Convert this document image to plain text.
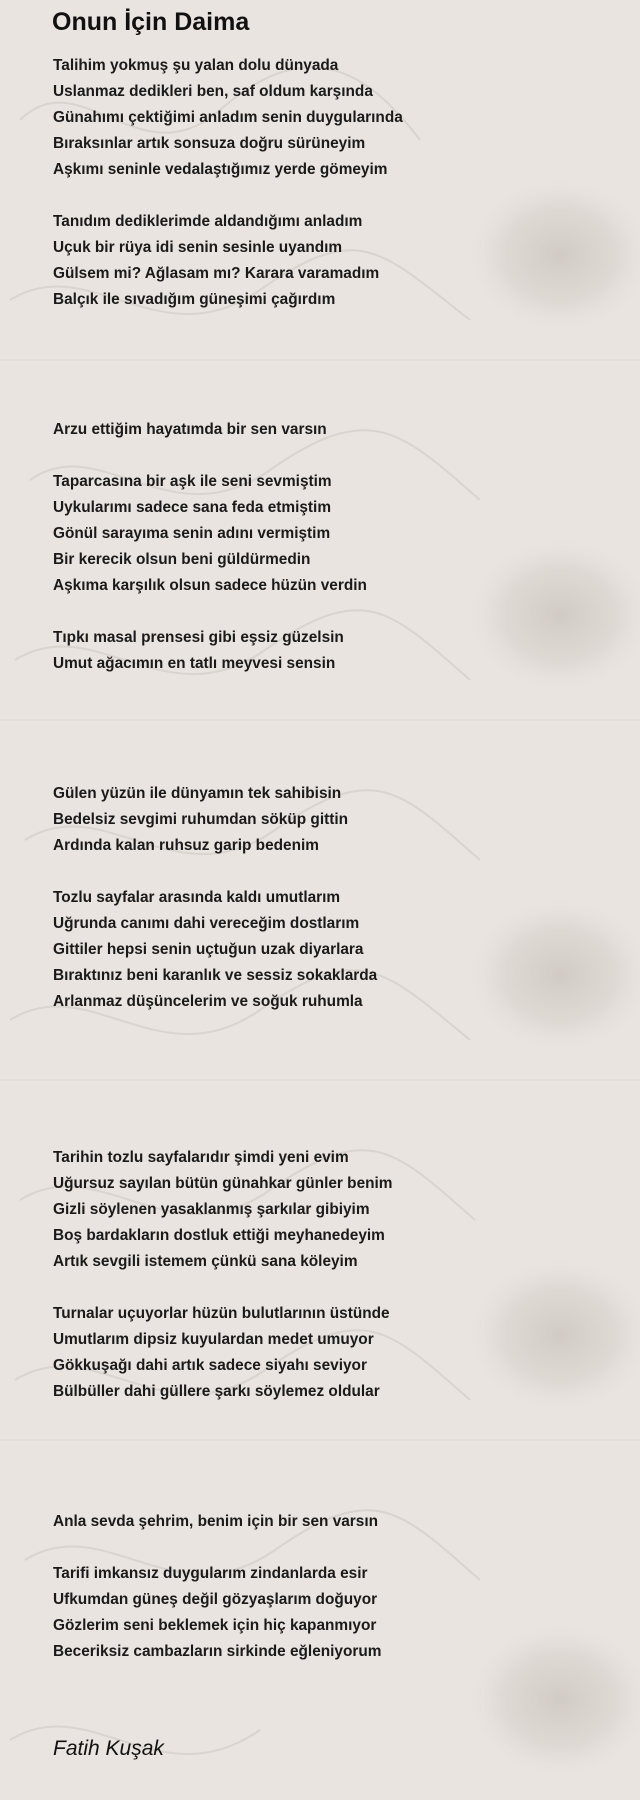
Onun İçin Daima
Talihim yokmuş şu yalan dolu dünyada
Uslanmaz dedikleri ben, saf oldum karşında
Günahımı çektiğimi anladım senin duygularında
Bıraksınlar artık sonsuza doğru sürüneyim
Aşkımı seninle vedalaştığımız yerde gömeyim
Tanıdım dediklerimde aldandığımı anladım
Uçuk bir rüya idi senin sesinle uyandım
Gülsem mi? Ağlasam mı? Karara varamadım
Balçık ile sıvadığım güneşimi çağırdım
Arzu ettiğim hayatımda bir sen varsın
Taparcasına bir aşk ile seni sevmiştim
Uykularımı sadece sana feda etmiştim
Gönül sarayıma senin adını vermiştim
Bir kerecik olsun beni güldürmedin
Aşkıma karşılık olsun sadece hüzün verdin
Tıpkı masal prensesi gibi eşsiz güzelsin
Umut ağacımın en tatlı meyvesi sensin
Gülen yüzün ile dünyamın tek sahibisin
Bedelsiz sevgimi ruhumdan söküp gittin
Ardında kalan ruhsuz garip bedenim
Tozlu sayfalar arasında kaldı umutlarım
Uğrunda canımı dahi vereceğim dostlarım
Gittiler hepsi senin uçtuğun uzak diyarlara
Bıraktınız beni karanlık ve sessiz sokaklarda
Arlanmaz düşüncelerim ve soğuk ruhumla
Tarihin tozlu sayfalarıdır şimdi yeni evim
Uğursuz sayılan bütün günahkar günler benim
Gizli söylenen yasaklanmış şarkılar gibiyim
Boş bardakların dostluk ettiği meyhanedeyim
Artık sevgili istemem çünkü sana köleyim
Turnalar uçuyorlar hüzün bulutlarının üstünde
Umutlarım dipsiz kuyulardan medet umuyor
Gökkuşağı dahi artık sadece siyahı seviyor
Bülbüller dahi güllere şarkı söylemez oldular
Anla sevda şehrim, benim için bir sen varsın
Tarifi imkansız duygularım zindanlarda esir
Ufkumdan güneş değil gözyaşlarım doğuyor
Gözlerim seni beklemek için hiç kapanmıyor
Beceriksiz cambazların sirkinde eğleniyorum
Fatih Kuşak
